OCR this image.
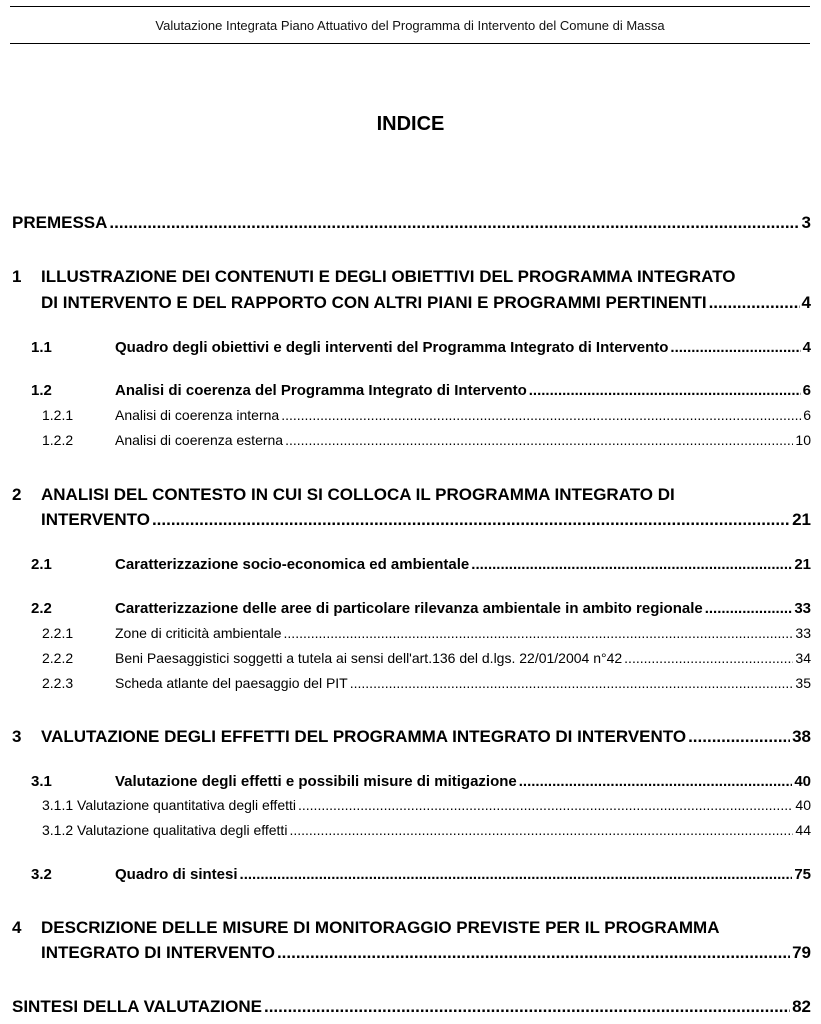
Valutazione Integrata Piano Attuativo del Programma di Intervento del Comune di Massa
INDICE
PREMESSA .....	3
1 ILLUSTRAZIONE DEI CONTENUTI E DEGLI OBIETTIVI DEL PROGRAMMA INTEGRATO
DI INTERVENTO E DEL RAPPORTO CON ALTRI PIANI E PROGRAMMI PERTINENTI .....	4
1.1	Quadro degli obiettivi e degli interventi del Programma Integrato di Intervento .....	4
1.2	Analisi di coerenza del Programma Integrato di Intervento .....	6
1.2.1	Analisi di coerenza interna .....	6
1.2.2	Analisi di coerenza esterna .....	10
2 ANALISI DEL CONTESTO IN CUI SI COLLOCA IL PROGRAMMA INTEGRATO DI
INTERVENTO .....	21
2.1	Caratterizzazione socio-economica ed ambientale .....	21
2.2	Caratterizzazione delle aree di particolare rilevanza ambientale in ambito regionale .....	33
2.2.1	Zone di criticità ambientale .....	33
2.2.2	Beni Paesaggistici soggetti a tutela ai sensi dell'art.136 del d.lgs. 22/01/2004 n°42 .....	34
2.2.3	Scheda atlante del paesaggio del PIT .....	35
3	VALUTAZIONE DEGLI EFFETTI DEL PROGRAMMA INTEGRATO DI INTERVENTO .....	38
3.1	Valutazione degli effetti e possibili misure di mitigazione .....	40
3.1.1 Valutazione quantitativa degli effetti .....	40
3.1.2 Valutazione qualitativa degli effetti .....	44
3.2	Quadro di sintesi .....	75
4 DESCRIZIONE DELLE MISURE DI MONITORAGGIO PREVISTE PER IL PROGRAMMA
INTEGRATO DI INTERVENTO .....	79
SINTESI DELLA VALUTAZIONE .....	82
